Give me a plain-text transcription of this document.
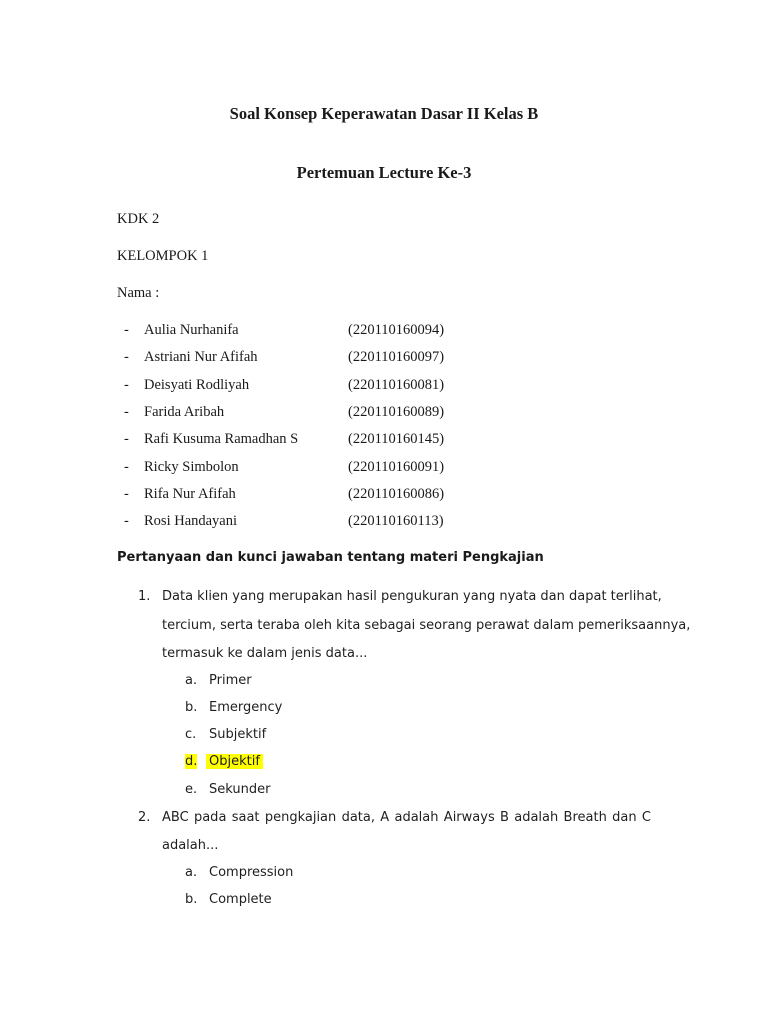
Soal Konsep Keperawatan Dasar II Kelas B
Pertemuan Lecture Ke-3
KDK 2
KELOMPOK 1
Nama :
- Aulia Nurhanifa	(220110160094)
- Astriani Nur Afifah	(220110160097)
- Deisyati Rodliyah	(220110160081)
- Farida Aribah	(220110160089)
- Rafi Kusuma Ramadhan S	(220110160145)
- Ricky Simbolon	(220110160091)
- Rifa Nur Afifah	(220110160086)
- Rosi Handayani	(220110160113)
Pertanyaan dan kunci jawaban tentang materi Pengkajian
1. Data klien yang merupakan hasil pengukuran yang nyata dan dapat terlihat,
tercium, serta teraba oleh kita sebagai seorang perawat dalam pemeriksaannya,
termasuk ke dalam jenis data...
a. Primer
b. Emergency
c. Subjektif
d. Objektif
e. Sekunder
2. ABC pada saat pengkajian data, A adalah Airways B adalah Breath dan C
adalah...
a. Compression
b. Complete
